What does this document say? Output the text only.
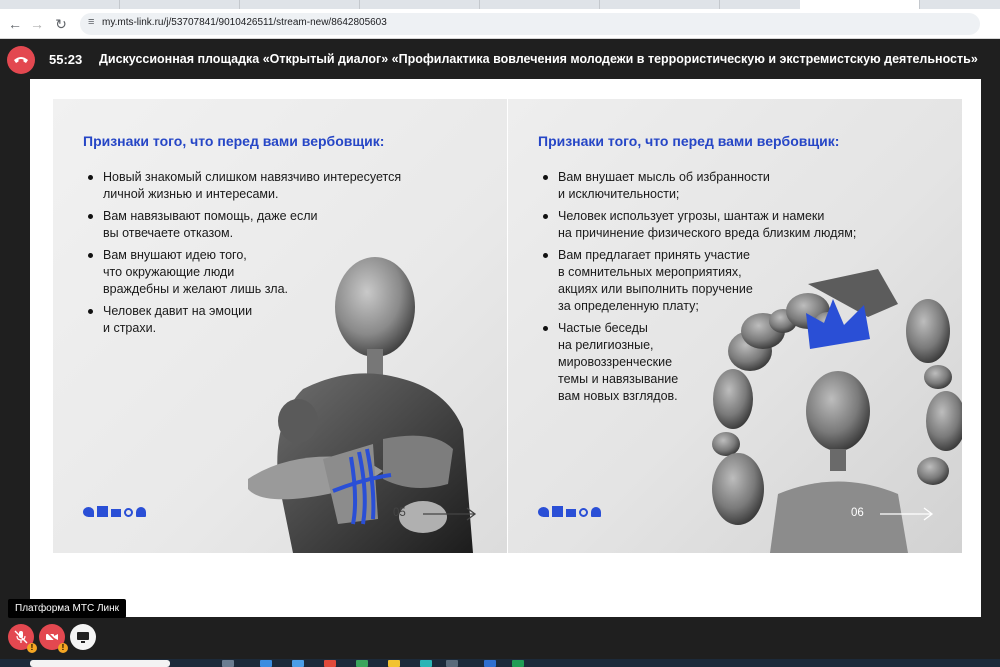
← → ↻ ≡ my.mts-link.ru/j/53707841/9010426511/stream-new/8642805603
55:23 Дискуссионная площадка «Открытый диалог» «Профилактика вовлечения молодежи в террористическую и экстремистскую деятельность»
Признаки того, что перед вами вербовщик:
Новый знакомый слишком навязчиво интересуется
личной жизнью и интересами.
Вам навязывают помощь, даже если
вы отвечаете отказом.
Вам внушают идею того,
что окружающие люди
враждебны и желают лишь зла.
Человек давит на эмоции
и страхи.
05
Признаки того, что перед вами вербовщик:
Вам внушает мысль об избранности
и исключительности;
Человек использует угрозы, шантаж и намеки
на причинение физического вреда близким людям;
Вам предлагает принять участие
в сомнительных мероприятиях,
акциях или выполнить поручение
за определенную плату;
Частые беседы
на религиозные,
мировоззренческие
темы и навязывание
вам новых взглядов.
06
Платформа МТС Линк
!	!
